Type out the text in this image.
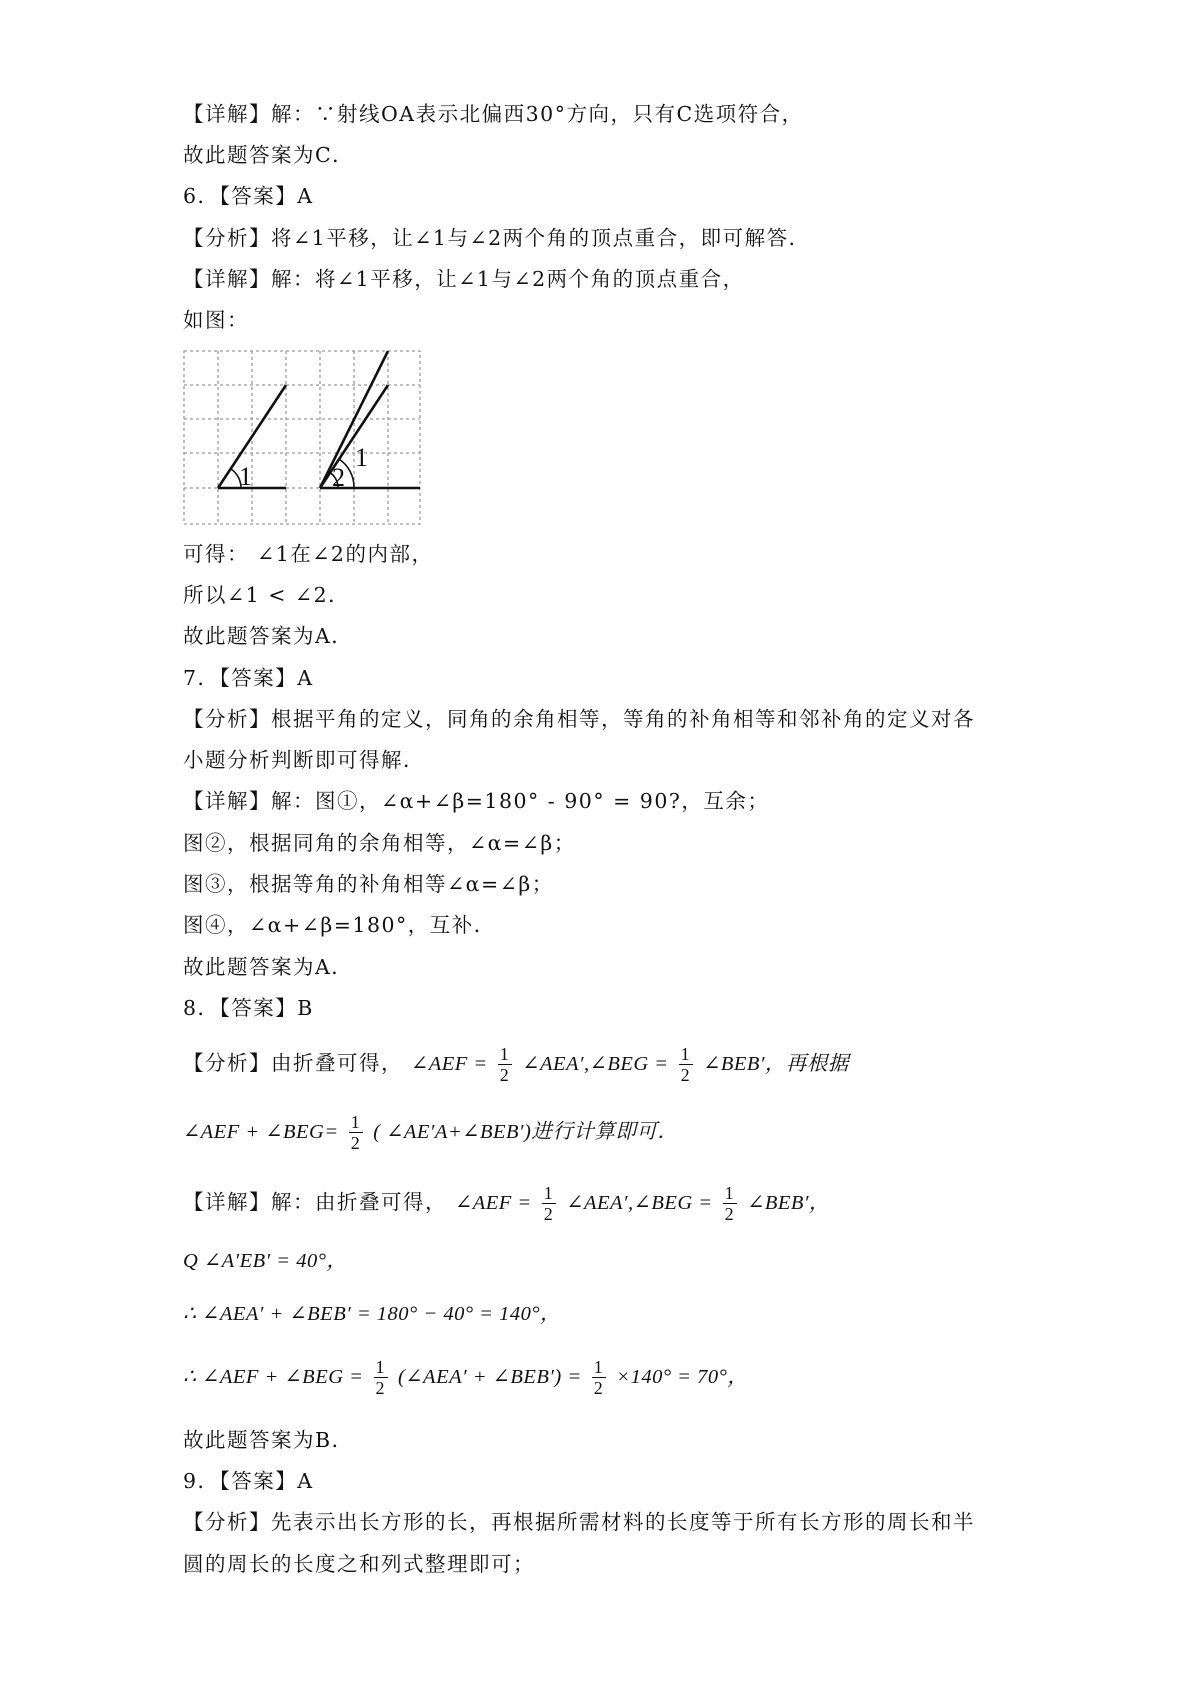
【详解】解：∵射线OA表示北偏西30°方向，只有C选项符合，
故此题答案为C．
6．【答案】A
【分析】将∠1平移，让∠1与∠2两个角的顶点重合，即可解答．
【详解】解：将∠1平移，让∠1与∠2两个角的顶点重合，
如图：
1	2
1
可得： ∠1在∠2的内部，
所以∠1 < ∠2．
故此题答案为A．
7．【答案】A
【分析】根据平角的定义，同角的余角相等，等角的补角相等和邻补角的定义对各
小题分析判断即可得解．
【详解】解：图①，∠α+∠β=180° - 90° = 90?，互余；
图②，根据同角的余角相等，∠α=∠β；
图③，根据等角的补角相等∠α=∠β；
图④，∠α+∠β=180°，互补．
故此题答案为A．
8．【答案】B
【分析】由折叠可得， ∠AEF = $\frac{1}{2}$ ∠AEA′,∠BEG = $\frac{1}{2}$ ∠BEB′，再根据
∠AEF + ∠BEG= $\frac{1}{2}$ ( ∠AE′A+∠BEB′)进行计算即可．
【详解】解：由折叠可得， ∠AEF = $\frac{1}{2}$ ∠AEA′,∠BEG = $\frac{1}{2}$ ∠BEB′，
Q ∠A′EB′ = 40°，
∴ ∠AEA′ + ∠BEB′ = 180° − 40° = 140°，
∴ ∠AEF + ∠BEG = $\frac{1}{2}$ (∠AEA′ + ∠BEB′) = $\frac{1}{2} \times 140^\circ = 70^\circ$，
故此题答案为B．
9．【答案】A
【分析】先表示出长方形的长，再根据所需材料的长度等于所有长方形的周长和半
圆的周长的长度之和列式整理即可；
